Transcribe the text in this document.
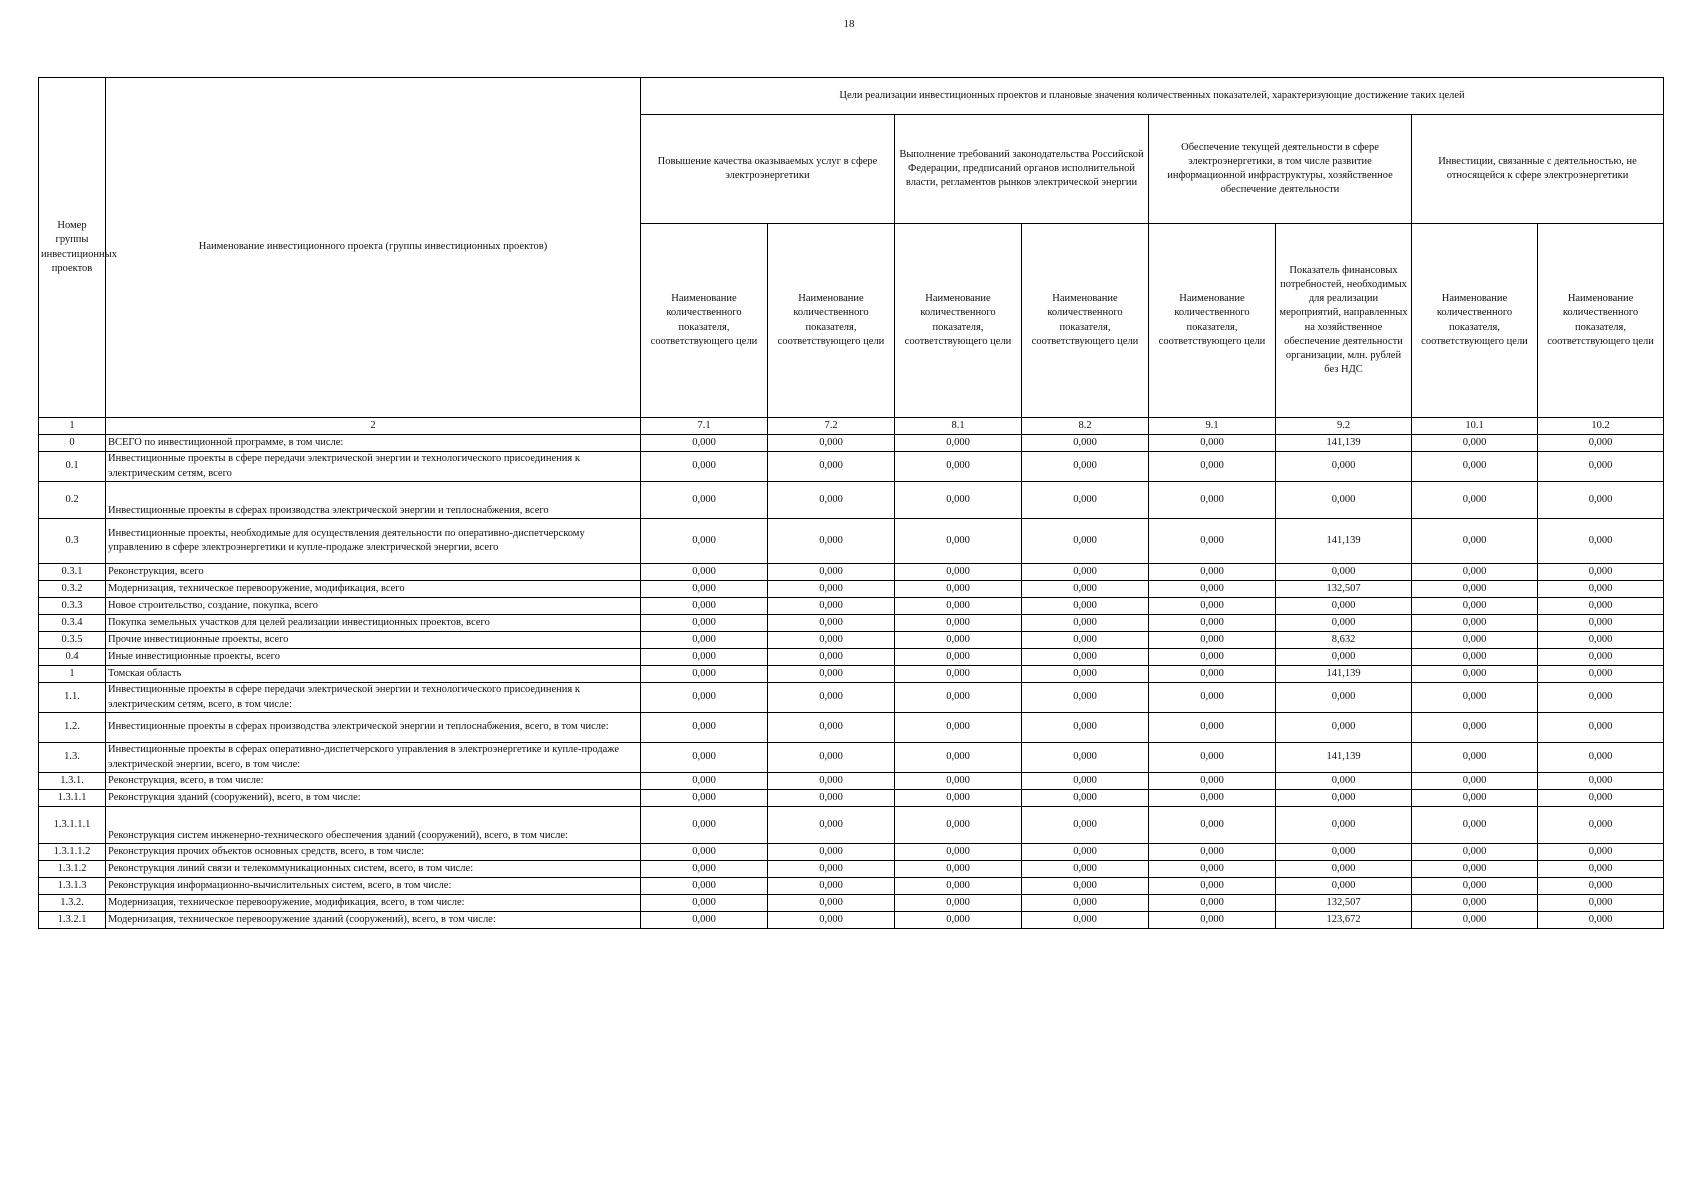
18
Номер группы инвестиционных проектов	Наименование инвестиционного проекта (группы инвестиционных проектов)	Цели реализации инвестиционных проектов и плановые значения количественных показателей, характеризующие достижение таких целей							
		Повышение качества оказываемых услуг в сфере электроэнергетики		Выполнение требований законодательства Российской Федерации, предписаний органов исполнительной власти, регламентов рынков электрической энергии		Обеспечение текущей деятельности в сфере электроэнергетики, в том числе развитие информационной инфраструктуры, хозяйственное обеспечение деятельности		Инвестиции, связанные с деятельностью, не относящейся к сфере электроэнергетики	
		Наименование количественного показателя, соответствующего цели	Наименование количественного показателя, соответствующего цели	Наименование количественного показателя, соответствующего цели	Наименование количественного показателя, соответствующего цели	Наименование количественного показателя, соответствующего цели	Показатель финансовых потребностей, необходимых для реализации мероприятий, направленных на хозяйственное обеспечение деятельности организации, млн. рублей без НДС	Наименование количественного показателя, соответствующего цели	Наименование количественного показателя, соответствующего цели
1	2	7.1	7.2	8.1	8.2	9.1	9.2	10.1	10.2
0	ВСЕГО по инвестиционной программе, в том числе:	0,000	0,000	0,000	0,000	0,000	141,139	0,000	0,000
0.1	Инвестиционные проекты в сфере передачи электрической энергии и технологического присоединения к электрическим сетям, всего	0,000	0,000	0,000	0,000	0,000	0,000	0,000	0,000
0.2	Инвестиционные проекты в сферах производства электрической энергии и теплоснабжения, всего	0,000	0,000	0,000	0,000	0,000	0,000	0,000	0,000
0.3	Инвестиционные проекты, необходимые для осуществления деятельности по оперативно-диспетчерскому управлению в сфере электроэнергетики и купле-продаже электрической энергии, всего	0,000	0,000	0,000	0,000	0,000	141,139	0,000	0,000
0.3.1	Реконструкция, всего	0,000	0,000	0,000	0,000	0,000	0,000	0,000	0,000
0.3.2	Модернизация, техническое перевооружение, модификация, всего	0,000	0,000	0,000	0,000	0,000	132,507	0,000	0,000
0.3.3	Новое строительство, создание, покупка, всего	0,000	0,000	0,000	0,000	0,000	0,000	0,000	0,000
0.3.4	Покупка земельных участков для целей реализации инвестиционных проектов, всего	0,000	0,000	0,000	0,000	0,000	0,000	0,000	0,000
0.3.5	Прочие инвестиционные проекты, всего	0,000	0,000	0,000	0,000	0,000	8,632	0,000	0,000
0.4	Иные инвестиционные проекты, всего	0,000	0,000	0,000	0,000	0,000	0,000	0,000	0,000
1	Томская область	0,000	0,000	0,000	0,000	0,000	141,139	0,000	0,000
1.1.	Инвестиционные проекты в сфере передачи электрической энергии и технологического присоединения к электрическим сетям, всего, в том числе:	0,000	0,000	0,000	0,000	0,000	0,000	0,000	0,000
1.2.	Инвестиционные проекты в сферах производства электрической энергии и теплоснабжения, всего, в том числе:	0,000	0,000	0,000	0,000	0,000	0,000	0,000	0,000
1.3.	Инвестиционные проекты в сферах оперативно-диспетчерского управления в электроэнергетике и купле-продаже электрической энергии, всего, в том числе:	0,000	0,000	0,000	0,000	0,000	141,139	0,000	0,000
1.3.1.	Реконструкция, всего, в том числе:	0,000	0,000	0,000	0,000	0,000	0,000	0,000	0,000
1.3.1.1	Реконструкция зданий (сооружений), всего, в том числе:	0,000	0,000	0,000	0,000	0,000	0,000	0,000	0,000
1.3.1.1.1	Реконструкция систем инженерно-технического обеспечения зданий (сооружений), всего, в том числе:	0,000	0,000	0,000	0,000	0,000	0,000	0,000	0,000
1.3.1.1.2	Реконструкция прочих объектов основных средств, всего, в том числе:	0,000	0,000	0,000	0,000	0,000	0,000	0,000	0,000
1.3.1.2	Реконструкция линий связи и телекоммуникационных систем, всего, в том числе:	0,000	0,000	0,000	0,000	0,000	0,000	0,000	0,000
1.3.1.3	Реконструкция информационно-вычислительных систем, всего, в том числе:	0,000	0,000	0,000	0,000	0,000	0,000	0,000	0,000
1.3.2.	Модернизация, техническое перевооружение, модификация, всего, в том числе:	0,000	0,000	0,000	0,000	0,000	132,507	0,000	0,000
1.3.2.1	Модернизация, техническое перевооружение зданий (сооружений), всего, в том числе:	0,000	0,000	0,000	0,000	0,000	123,672	0,000	0,000
